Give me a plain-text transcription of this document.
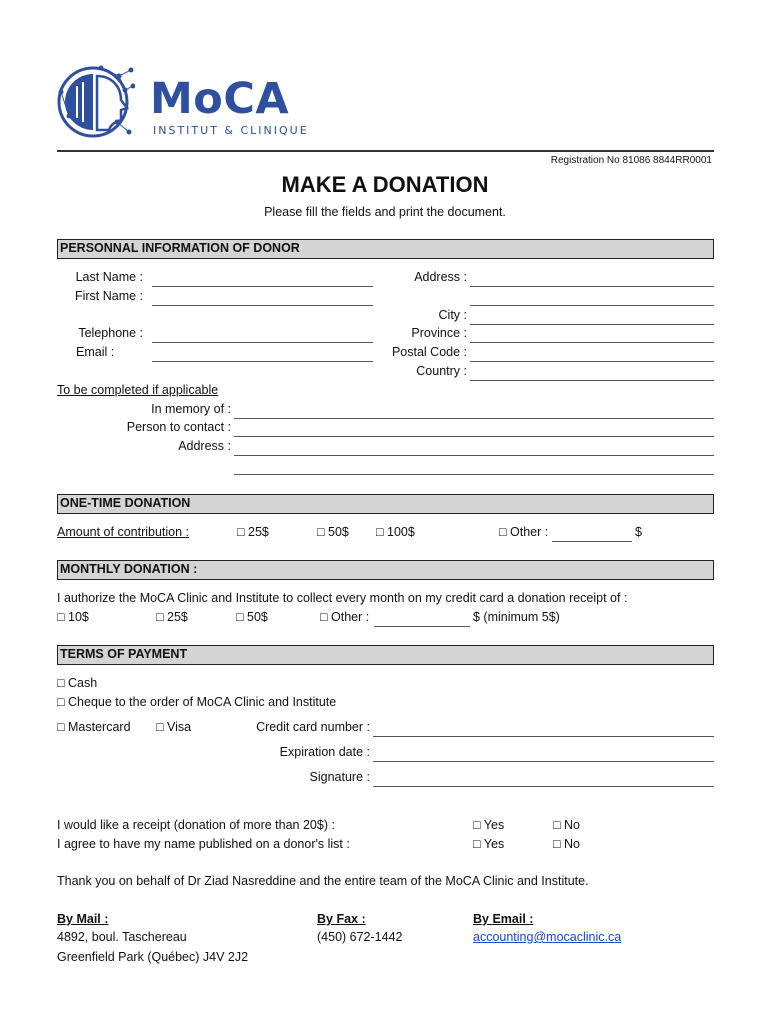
MoCA
INSTITUT & CLINIQUE
Registration No 81086 8844RR0001
MAKE A DONATION
Please fill the fields and print the document.
PERSONNAL INFORMATION OF DONOR
Last Name :
First Name :
Telephone :
Email :
Address :
City :
Province :
Postal Code :
Country :
To be completed if applicable
In memory of :
Person to contact :
Address :
ONE-TIME DONATION
Amount of contribution :	□ 25$	□ 50$ □ 100$	□ Other :	$
MONTHLY DONATION :
I authorize the MoCA Clinic and Institute to collect every month on my credit card a donation receipt of :
□ 10$	□ 25$	□ 50$	□ Other :	$ (minimum 5$)
TERMS OF PAYMENT
□ Cash
□ Cheque to the order of MoCA Clinic and Institute
□ Mastercard □ Visa	Credit card number :
Expiration date :
Signature :
I would like a receipt (donation of more than 20$) :	□ Yes	□ No
I agree to have my name published on a donor's list :	□ Yes	□ No
Thank you on behalf of Dr Ziad Nasreddine and the entire team of the MoCA Clinic and Institute.
By Mail :
4892, boul. Taschereau
Greenfield Park (Québec) J4V 2J2
By Fax :
(450) 672-1442
By Email :
accounting@mocaclinic.ca
